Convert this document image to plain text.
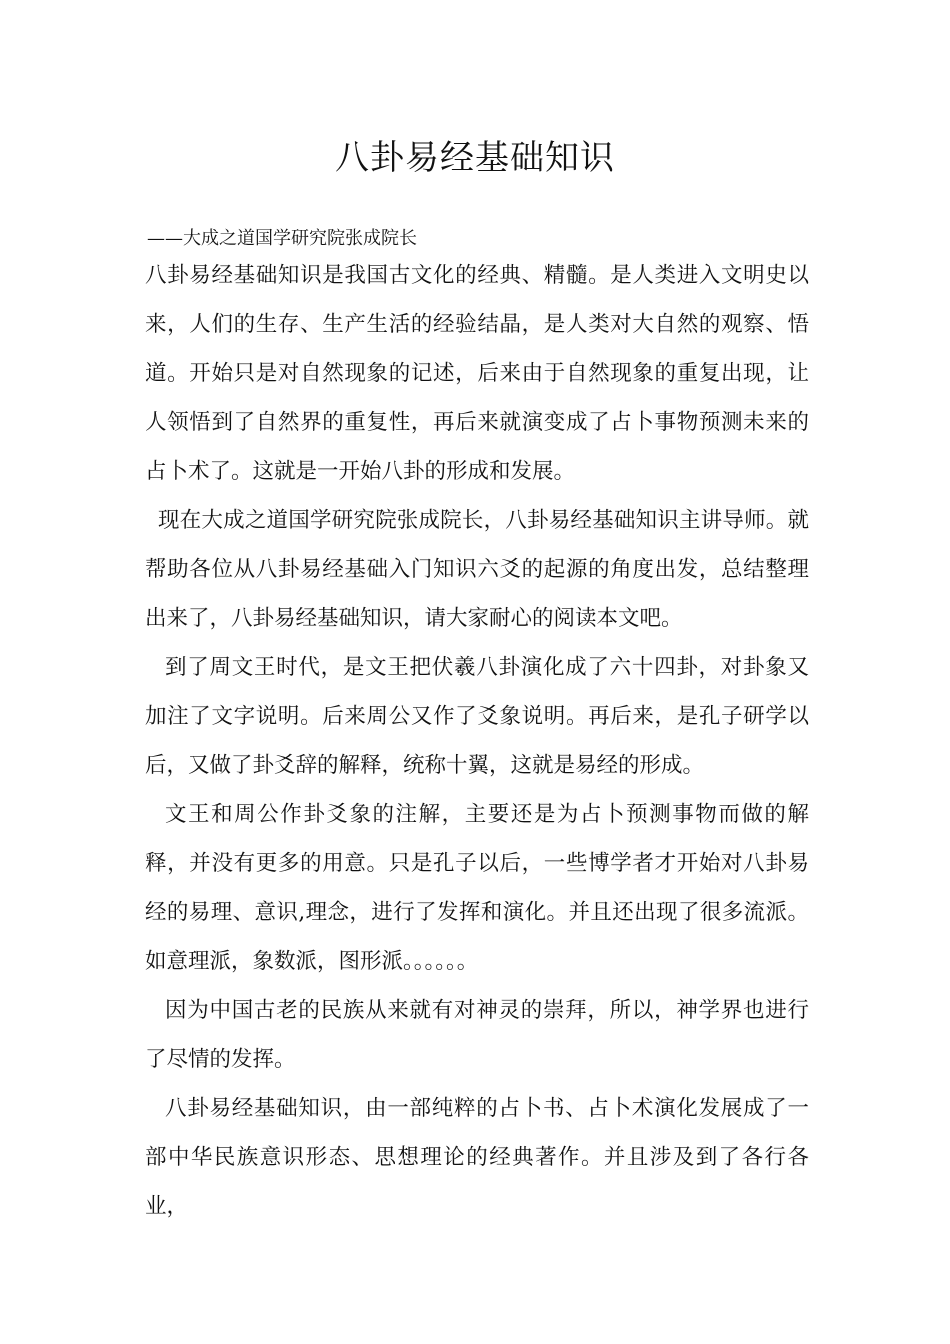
八卦易经基础知识

——大成之道国学研究院张成院长

八卦易经基础知识是我国古文化的经典、精髓。是人类进入文明史以来，人们的生存、生产生活的经验结晶，是人类对大自然的观察、悟道。开始只是对自然现象的记述，后来由于自然现象的重复出现，让人领悟到了自然界的重复性，再后来就演变成了占卜事物预测未来的占卜术了。这就是一开始八卦的形成和发展。

现在大成之道国学研究院张成院长，八卦易经基础知识主讲导师。就帮助各位从八卦易经基础入门知识六爻的起源的角度出发，总结整理出来了，八卦易经基础知识，请大家耐心的阅读本文吧。

到了周文王时代，是文王把伏羲八卦演化成了六十四卦，对卦象又加注了文字说明。后来周公又作了爻象说明。再后来，是孔子研学以后，又做了卦爻辞的解释，统称十翼，这就是易经的形成。

文王和周公作卦爻象的注解，主要还是为占卜预测事物而做的解释，并没有更多的用意。只是孔子以后，一些博学者才开始对八卦易经的易理、意识,理念，进行了发挥和演化。并且还出现了很多流派。如意理派，象数派，图形派。。。。。。

因为中国古老的民族从来就有对神灵的崇拜，所以，神学界也进行了尽情的发挥。

八卦易经基础知识，由一部纯粹的占卜书、占卜术演化发展成了一部中华民族意识形态、思想理论的经典著作。并且涉及到了各行各业，
